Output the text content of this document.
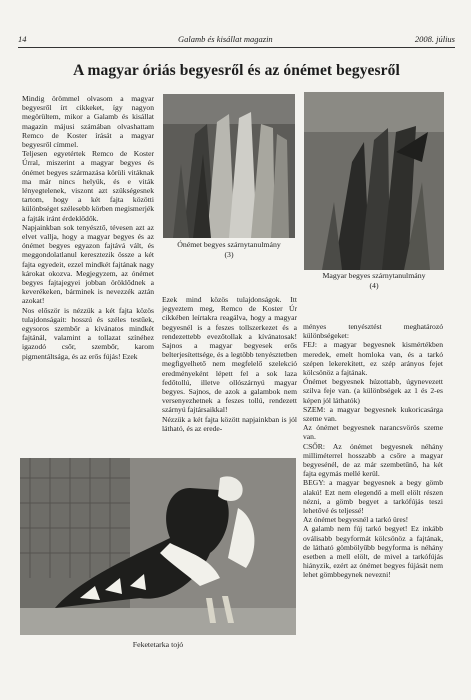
14	Galamb és kisállat magazin	2008. július
A magyar óriás begyesről és az ónémet begyesről

Mindig örömmel olvasom a magyar begyesről írt cikkeket, így nagyon megörültem, mikor a Galamb és kisállat magazin májusi számában olvashattam Remco de Koster írását a magyar begyesről címmel.

Teljesen egyetértek Remco de Koster Úrral, miszerint a magyar begyes és ónémet begyes származása körüli vitáknak ma már nincs helyük, és e viták lényegtelenek, viszont azt szükségesnek tartom, hogy a két fajta közötti különbséget szélesebb körben megismerjék a fajták iránt érdeklődők.

Napjainkban sok tenyésztő, tévesen azt az elvet vallja, hogy a magyar begyes és az ónémet begyes egyazon fajtává vált, és meggondolatlanul keresztezik össze a két fajta egyedeit, ezzel mindkét fajtának nagy károkat okozva. Megjegyzem, az ónémet begyes fajtajegyei jobban öröklődnek a keverékeken, bárminek is nevezzék aztán azokat!

Nos először is nézzük a két fajta közös tulajdonságait: hosszú és széles testűek, egysoros szembőr a kívánatos mindkét fajtánál, valamint a tollazat színéhez igazodó csőr, szembőr, karom pigmentáltsága, és az erős fújás! Ezek

Ónémet begyes szárnytanulmány
(3)
Magyar begyes szárnytanulmány
(4)

Ezek mind közös tulajdonságok. Itt jegyeztem meg, Remco de Koster Úr cikkében leírtakra reagálva, hogy a magyar begyesnél is a feszes tollszerkezet és a rendezettebb evezőtollak a kívánatosak! Sajnos a magyar begyesek erős belterjesítettsége, és a legtöbb tenyésztetben megfigyelhető nem megfelelő szelekció eredményeként lépett fel a sok laza fedőtollú, illetve ollószárnyú magyar begyes. Sajnos, de azok a galambok nem versenyezhetnek a feszes tollú, rendezett szárnyú fajtársaikkal!

Nézzük a két fajta között napjainkban is jól látható, és az erede-

ményes tenyésztést meghatározó különbségeket:

FEJ: a magyar begyesnek kismértékben meredek, emelt homloka van, és a tarkó szépen lekerekített, ez szép arányos fejet kölcsönöz a fajtának.

Ónémet begyesnek húzottabb, úgynevezett szilva feje van. (a különbségek az 1 és 2-es képen jól láthatók)

SZEM: a magyar begyesnek kukoricasárga szeme van.

Az ónémet begyesnek narancsvörös szeme van.

CSŐR: Az ónémet begyesnek néhány milliméterrel hosszabb a csőre a magyar begyesénél, de az már szembetűnő, ha két fajta egymás mellé kerül.

BEGY: a magyar begyesnek a begy gömb alakú! Ezt nem elegendő a mell elölt részen nézni, a gömb begyet a tarkófújás teszi lehetővé és teljessé!

Az ónémet begyesnél a tarkó üres!

A galamb nem fúj tarkó begyet! Ez inkább oválisabb begyformát kölcsönöz a fajtának, de látható gömbölyűbb begyforma is néhány esetben a mell elölt, de mivel a tarkófújás hiányzik, ezért az ónémet begyes fújását nem lehet gömbbegynek nevezni!

Feketetarka tojó
